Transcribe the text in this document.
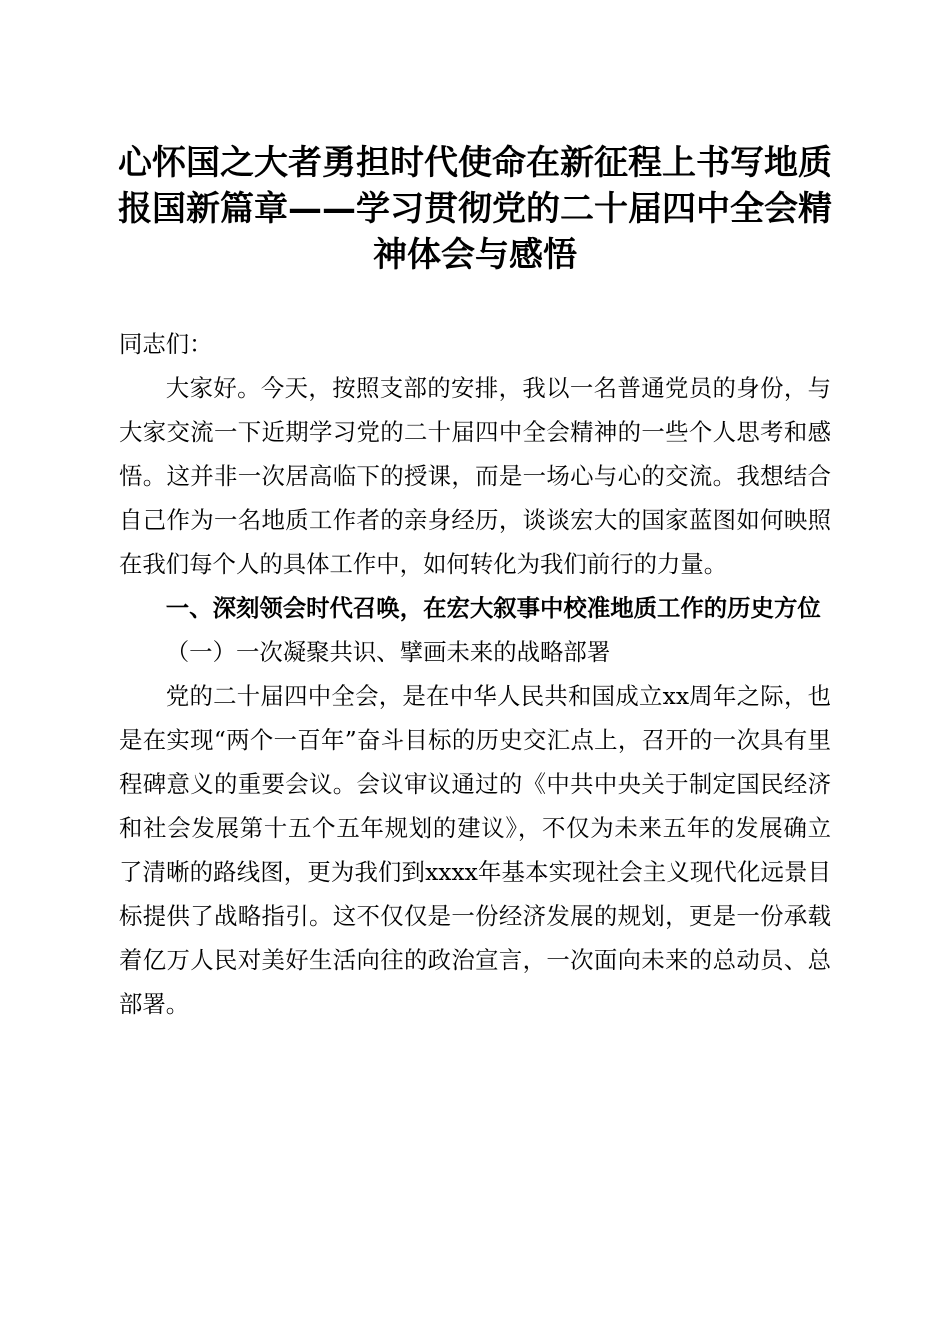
心怀国之大者勇担时代使命在新征程上书写地质报国新篇章——学习贯彻党的二十届四中全会精神体会与感悟

同志们：

大家好。今天，按照支部的安排，我以一名普通党员的身份，与大家交流一下近期学习党的二十届四中全会精神的一些个人思考和感悟。这并非一次居高临下的授课，而是一场心与心的交流。我想结合自己作为一名地质工作者的亲身经历，谈谈宏大的国家蓝图如何映照在我们每个人的具体工作中，如何转化为我们前行的力量。

一、深刻领会时代召唤，在宏大叙事中校准地质工作的历史方位

（一）一次凝聚共识、擘画未来的战略部署

党的二十届四中全会，是在中华人民共和国成立xx周年之际，也是在实现“两个一百年”奋斗目标的历史交汇点上，召开的一次具有里程碑意义的重要会议。会议审议通过的《中共中央关于制定国民经济和社会发展第十五个五年规划的建议》，不仅为未来五年的发展确立了清晰的路线图，更为我们到xxxx年基本实现社会主义现代化远景目标提供了战略指引。这不仅仅是一份经济发展的规划，更是一份承载着亿万人民对美好生活向往的政治宣言，一次面向未来的总动员、总部署。
